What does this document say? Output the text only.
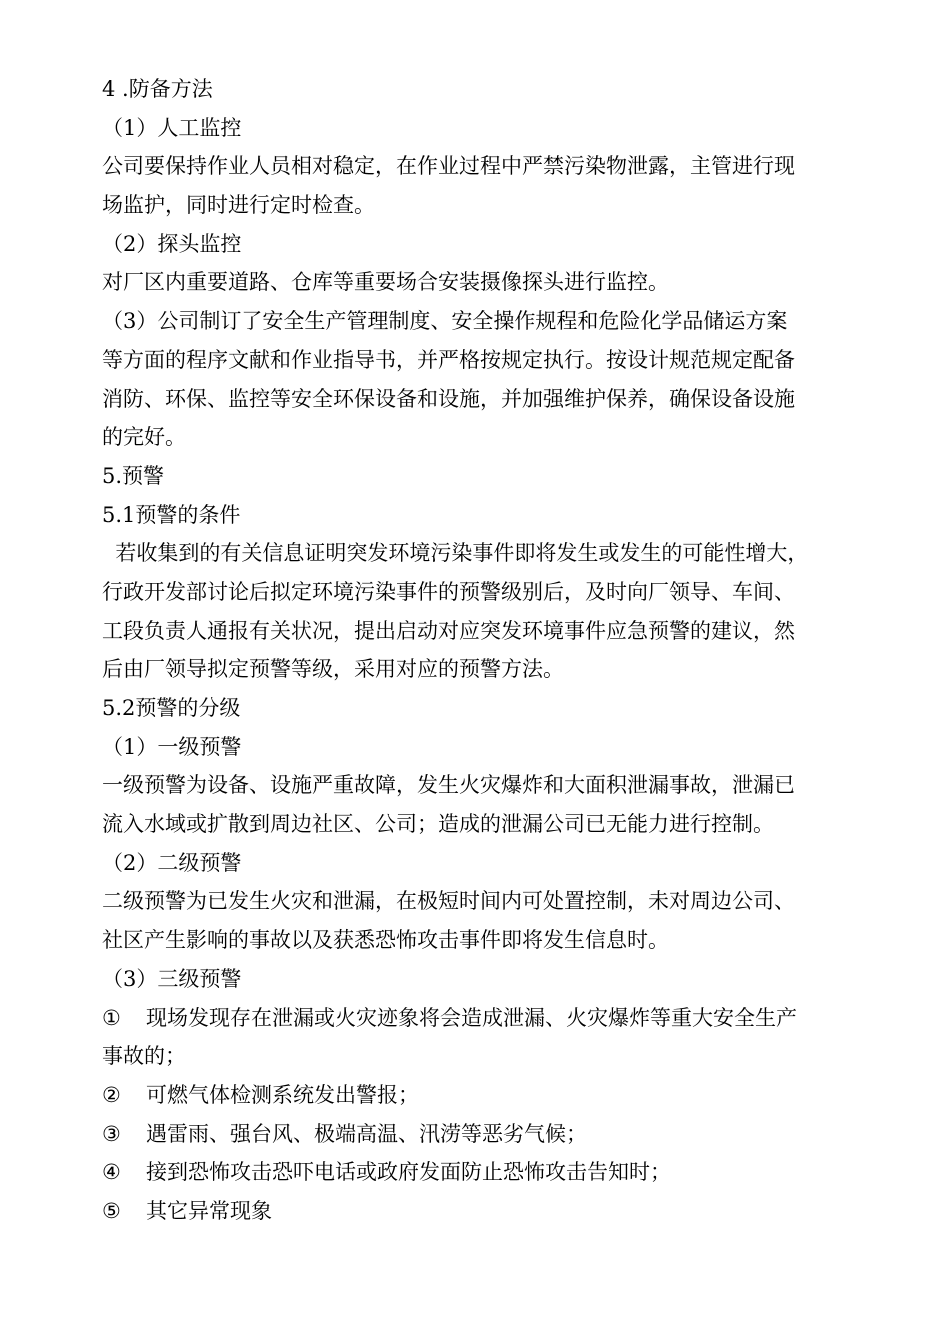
4 .防备方法
（1）人工监控
公司要保持作业人员相对稳定，在作业过程中严禁污染物泄露，主管进行现
场监护，同时进行定时检查。
（2）探头监控
对厂区内重要道路、仓库等重要场合安装摄像探头进行监控。
（3）公司制订了安全生产管理制度、安全操作规程和危险化学品储运方案
等方面的程序文献和作业指导书，并严格按规定执行。按设计规范规定配备
消防、环保、监控等安全环保设备和设施，并加强维护保养，确保设备设施
的完好。
5.预警
5.1预警的条件
若收集到的有关信息证明突发环境污染事件即将发生或发生的可能性增大，
行政开发部讨论后拟定环境污染事件的预警级别后，及时向厂领导、车间、
工段负责人通报有关状况，提出启动对应突发环境事件应急预警的建议，然
后由厂领导拟定预警等级，采用对应的预警方法。
5.2预警的分级
（1）一级预警
一级预警为设备、设施严重故障，发生火灾爆炸和大面积泄漏事故，泄漏已
流入水域或扩散到周边社区、公司；造成的泄漏公司已无能力进行控制。
（2）二级预警
二级预警为已发生火灾和泄漏，在极短时间内可处置控制，未对周边公司、
社区产生影响的事故以及获悉恐怖攻击事件即将发生信息时。
（3）三级预警
①	现场发现存在泄漏或火灾迹象将会造成泄漏、火灾爆炸等重大安全生产
事故的；
②	可燃气体检测系统发出警报；
③	遇雷雨、强台风、极端高温、汛涝等恶劣气候；
④	接到恐怖攻击恐吓电话或政府发面防止恐怖攻击告知时；
⑤	其它异常现象
